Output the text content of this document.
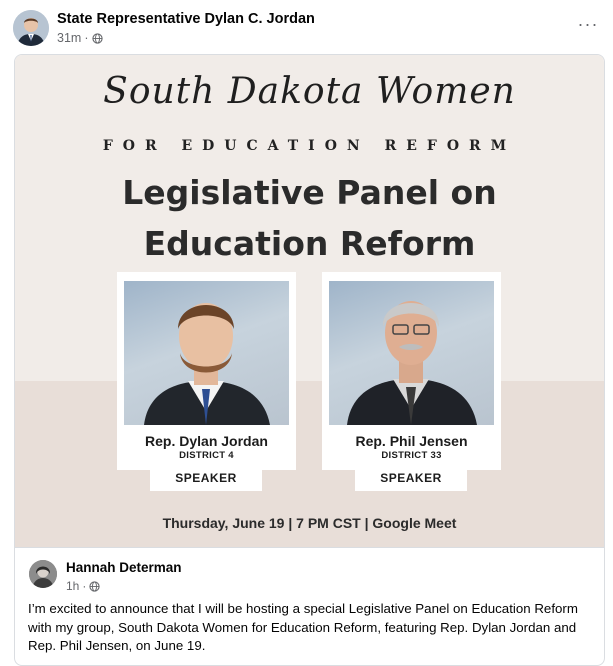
State Representative Dylan C. Jordan
31m ·
···
South Dakota Women
FOR EDUCATION REFORM
Legislative Panel on
Education Reform
Rep. Dylan Jordan
DISTRICT 4
Rep. Phil Jensen
DISTRICT 33
SPEAKER	SPEAKER
Thursday, June 19 | 7 PM CST | Google Meet
Hannah Determan
1h ·
I’m excited to announce that I will be hosting a special Legislative Panel on Education Reform with my group, South Dakota Women for Education Reform, featuring Rep. Dylan Jordan and Rep. Phil Jensen, on June 19.
